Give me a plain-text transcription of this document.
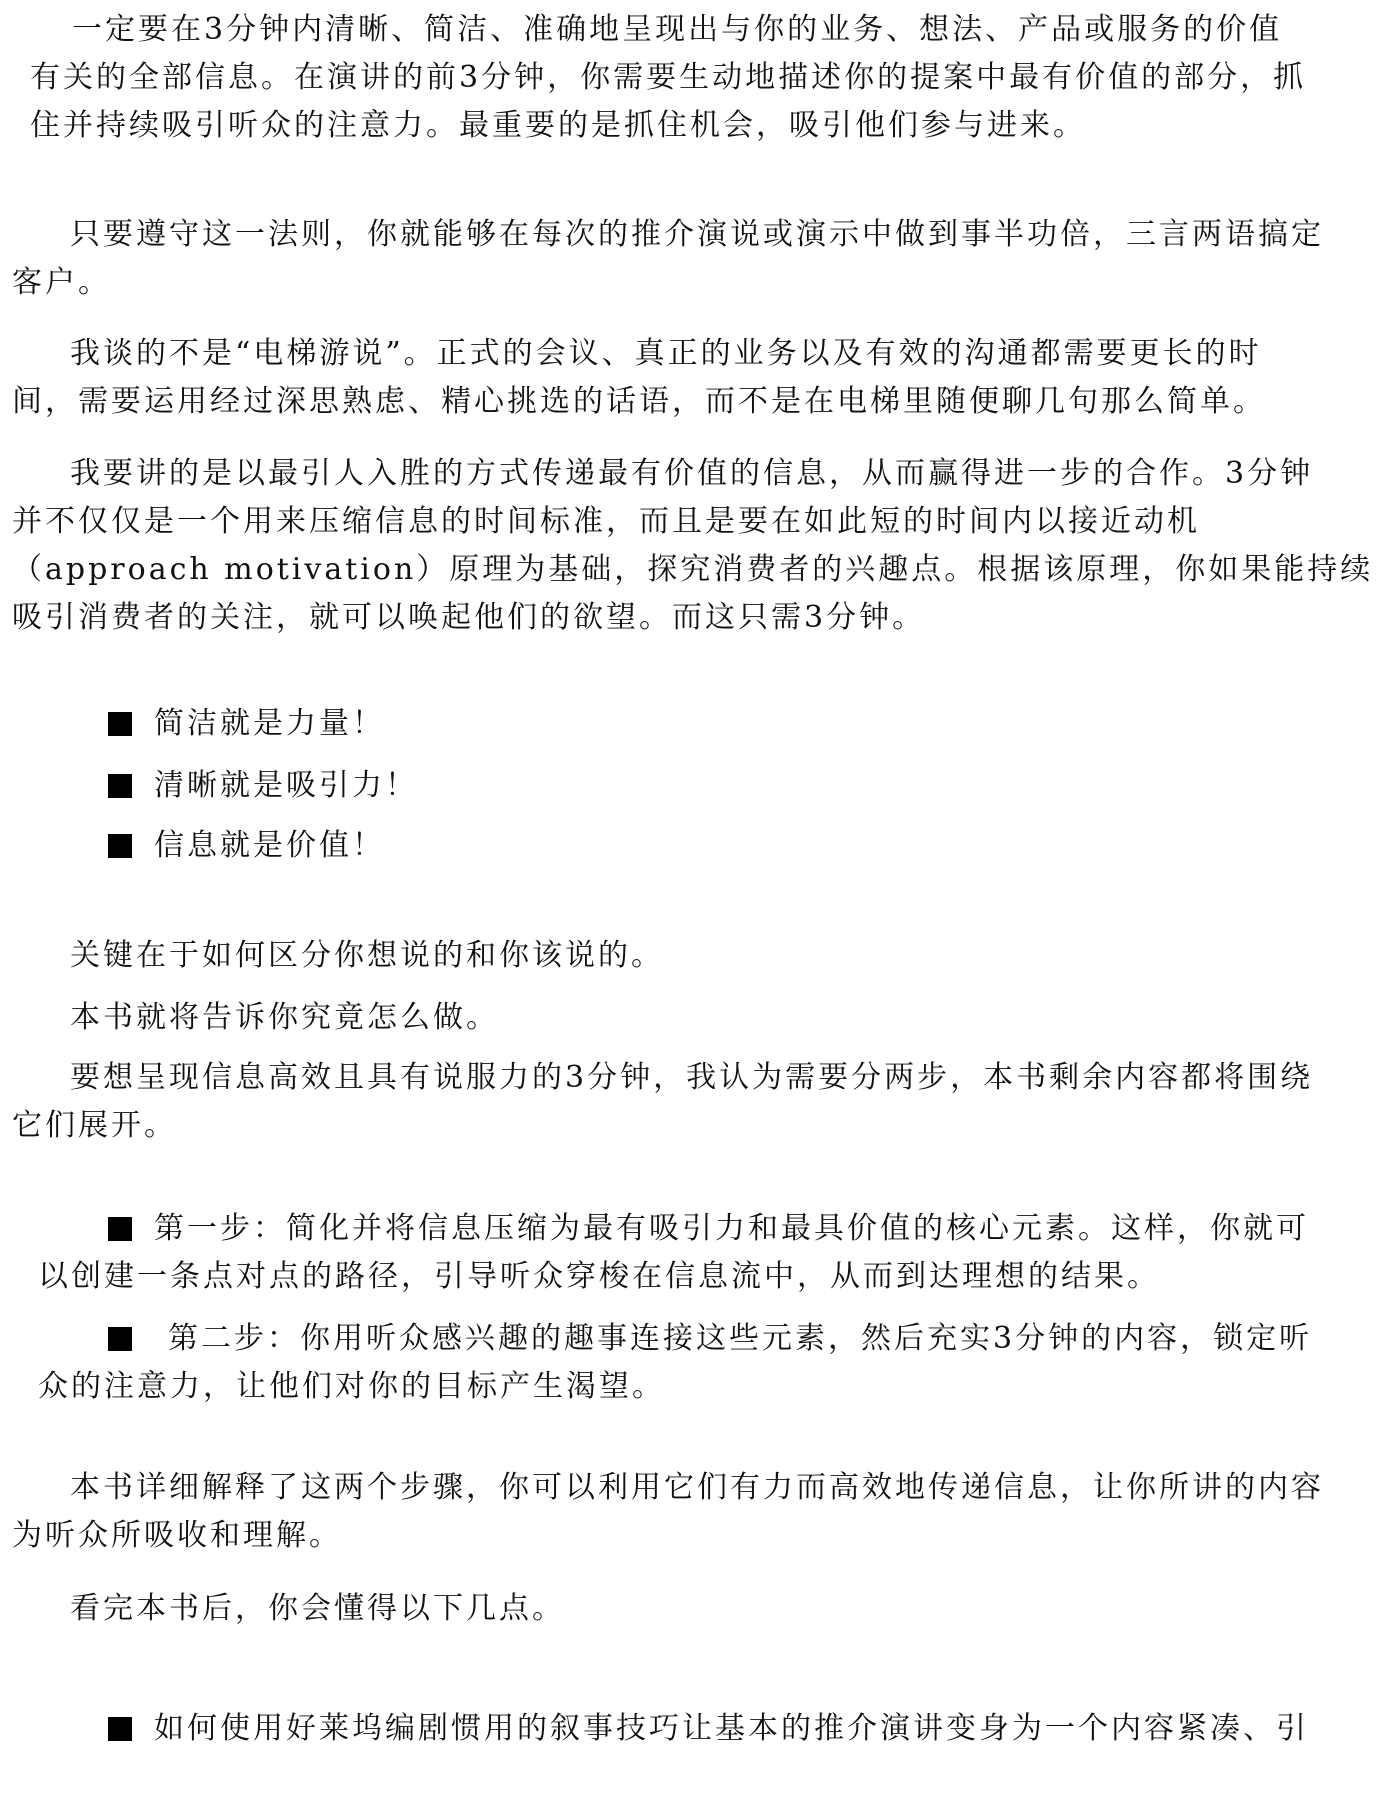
一定要在3分钟内清晰、简洁、准确地呈现出与你的业务、想法、产品或服务的价值
有关的全部信息。在演讲的前3分钟，你需要生动地描述你的提案中最有价值的部分，抓
住并持续吸引听众的注意力。最重要的是抓住机会，吸引他们参与进来。
只要遵守这一法则，你就能够在每次的推介演说或演示中做到事半功倍，三言两语搞定
客户。
我谈的不是“电梯游说”。正式的会议、真正的业务以及有效的沟通都需要更长的时
间，需要运用经过深思熟虑、精心挑选的话语，而不是在电梯里随便聊几句那么简单。
我要讲的是以最引人入胜的方式传递最有价值的信息，从而赢得进一步的合作。3分钟
并不仅仅是一个用来压缩信息的时间标准，而且是要在如此短的时间内以接近动机
（approach motivation）原理为基础，探究消费者的兴趣点。根据该原理，你如果能持续
吸引消费者的关注，就可以唤起他们的欲望。而这只需3分钟。
简洁就是力量！
清晰就是吸引力！
信息就是价值！
关键在于如何区分你想说的和你该说的。
本书就将告诉你究竟怎么做。
要想呈现信息高效且具有说服力的3分钟，我认为需要分两步，本书剩余内容都将围绕
它们展开。
第一步：简化并将信息压缩为最有吸引力和最具价值的核心元素。这样，你就可
以创建一条点对点的路径，引导听众穿梭在信息流中，从而到达理想的结果。
第二步：你用听众感兴趣的趣事连接这些元素，然后充实3分钟的内容，锁定听
众的注意力，让他们对你的目标产生渴望。
本书详细解释了这两个步骤，你可以利用它们有力而高效地传递信息，让你所讲的内容
为听众所吸收和理解。
看完本书后，你会懂得以下几点。
如何使用好莱坞编剧惯用的叙事技巧让基本的推介演讲变身为一个内容紧凑、引
